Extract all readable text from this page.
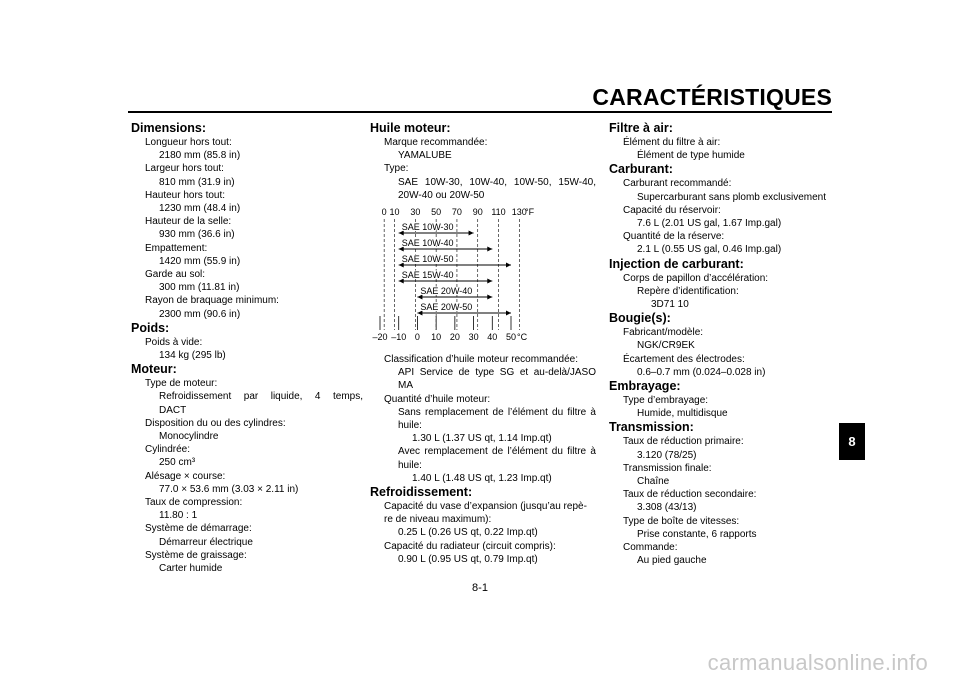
CARACTÉRISTIQUES
Dimensions:
Longueur hors tout:
2180 mm (85.8 in)
Largeur hors tout:
810 mm (31.9 in)
Hauteur hors tout:
1230 mm (48.4 in)
Hauteur de la selle:
930 mm (36.6 in)
Empattement:
1420 mm (55.9 in)
Garde au sol:
300 mm (11.81 in)
Rayon de braquage minimum:
2300 mm (90.6 in)
Poids:
Poids à vide:
134 kg (295 lb)
Moteur:
Type de moteur:
Refroidissement par liquide, 4 temps,
DACT
Disposition du ou des cylindres:
Monocylindre
Cylindrée:
250 cm³
Alésage × course:
77.0 × 53.6 mm (3.03 × 2.11 in)
Taux de compression:
11.80 : 1
Système de démarrage:
Démarreur électrique
Système de graissage:
Carter humide
Huile moteur:
Marque recommandée:
YAMALUBE
Type:
SAE 10W-30, 10W-40, 10W-50, 15W-40,
20W-40 ou 20W-50
0 10 30 50 70 90 110 130
°F
–20 –10 0 10 20 30 40 50 °C
SAE 10W-30
SAE 10W-40
SAE 10W-50
SAE 15W-40
SAE 20W-40
SAE 20W-50
Classification d’huile moteur recommandée:
API Service de type SG et au-delà/JASO
MA
Quantité d’huile moteur:
Sans remplacement de l’élément du filtre à
huile:
1.30 L (1.37 US qt, 1.14 Imp.qt)
Avec remplacement de l’élément du filtre à
huile:
1.40 L (1.48 US qt, 1.23 Imp.qt)
Refroidissement:
Capacité du vase d’expansion (jusqu’au repè-
re de niveau maximum):
0.25 L (0.26 US qt, 0.22 Imp.qt)
Capacité du radiateur (circuit compris):
0.90 L (0.95 US qt, 0.79 Imp.qt)
Filtre à air:
Élément du filtre à air:
Élément de type humide
Carburant:
Carburant recommandé:
Supercarburant sans plomb exclusivement
Capacité du réservoir:
7.6 L (2.01 US gal, 1.67 Imp.gal)
Quantité de la réserve:
2.1 L (0.55 US gal, 0.46 Imp.gal)
Injection de carburant:
Corps de papillon d’accélération:
Repère d’identification:
3D71 10
Bougie(s):
Fabricant/modèle:
NGK/CR9EK
Écartement des électrodes:
0.6–0.7 mm (0.024–0.028 in)
Embrayage:
Type d’embrayage:
Humide, multidisque
Transmission:
Taux de réduction primaire:
3.120 (78/25)
Transmission finale:
Chaîne
Taux de réduction secondaire:
3.308 (43/13)
Type de boîte de vitesses:
Prise constante, 6 rapports
Commande:
Au pied gauche
8
8-1
carmanualsonline.info
